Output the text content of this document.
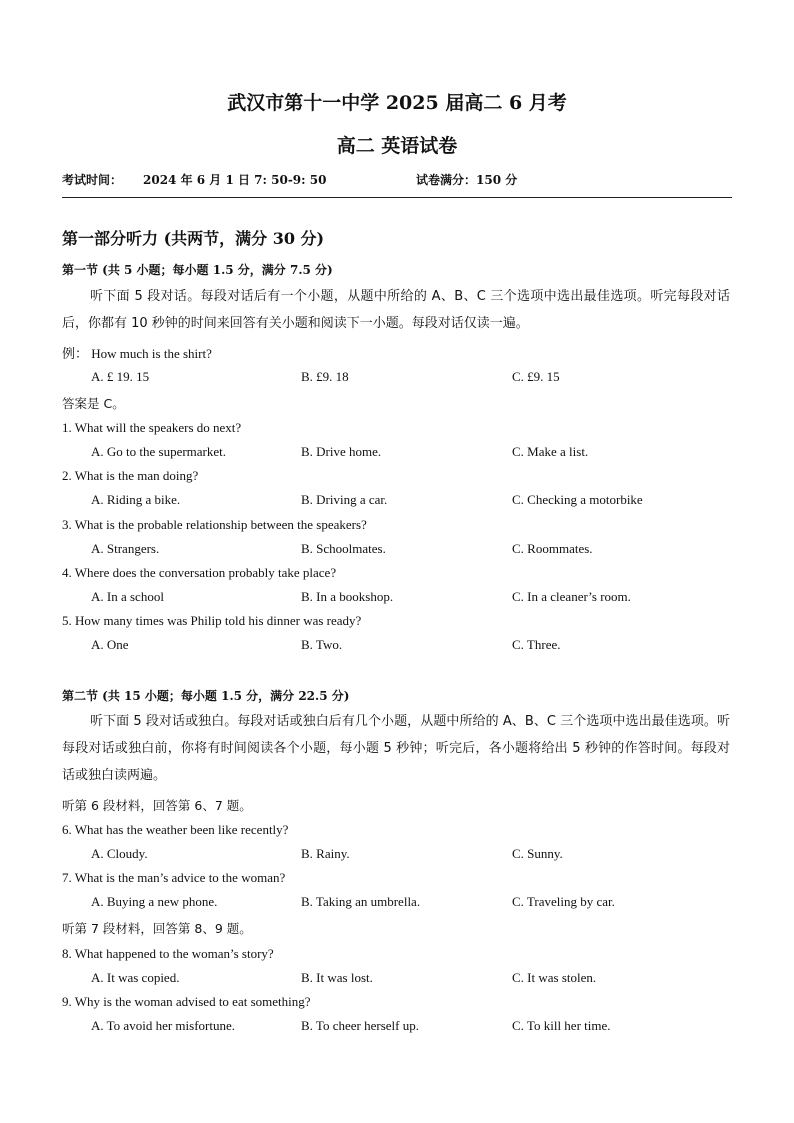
武汉市第十一中学 2025 届高二 6 月考
高二 英语试卷
考试时间： 2024 年 6 月 1 日 7: 50-9: 50	试卷满分：150 分
第一部分听力 (共两节，满分 30 分)
第一节 (共 5 小题；每小题 1.5 分，满分 7.5 分)
听下面 5 段对话。每段对话后有一个小题，从题中所给的 A、B、C 三个选项中选出最佳选项。听完每段对话后，你都有 10 秒钟的时间来回答有关小题和阅读下一小题。每段对话仅读一遍。
例： How much is the shirt?
A. £ 19. 15	B. £9. 18	C. £9. 15
答案是 C。
1. What will the speakers do next?
A. Go to the supermarket.	B. Drive home.	C. Make a list.
2. What is the man doing?
A. Riding a bike.	B. Driving a car.	C. Checking a motorbike
3. What is the probable relationship between the speakers?
A. Strangers.	B. Schoolmates.	C. Roommates.
4. Where does the conversation probably take place?
A. In a school	B. In a bookshop.	C. In a cleaner’s room.
5. How many times was Philip told his dinner was ready?
A. One	B. Two.	C. Three.
第二节 (共 15 小题；每小题 1.5 分，满分 22.5 分)
听下面 5 段对话或独白。每段对话或独白后有几个小题，从题中所给的 A、B、C 三个选项中选出最佳选项。听每段对话或独白前，你将有时间阅读各个小题，每小题 5 秒钟；听完后，各小题将给出 5 秒钟的作答时间。每段对话或独白读两遍。
听第 6 段材料，回答第 6、7 题。
6. What has the weather been like recently?
A. Cloudy.	B. Rainy.	C. Sunny.
7. What is the man’s advice to the woman?
A. Buying a new phone.	B. Taking an umbrella.	C. Traveling by car.
听第 7 段材料，回答第 8、9 题。
8. What happened to the woman’s story?
A. It was copied.	B. It was lost.	C. It was stolen.
9. Why is the woman advised to eat something?
A. To avoid her misfortune.	B. To cheer herself up.	C. To kill her time.
